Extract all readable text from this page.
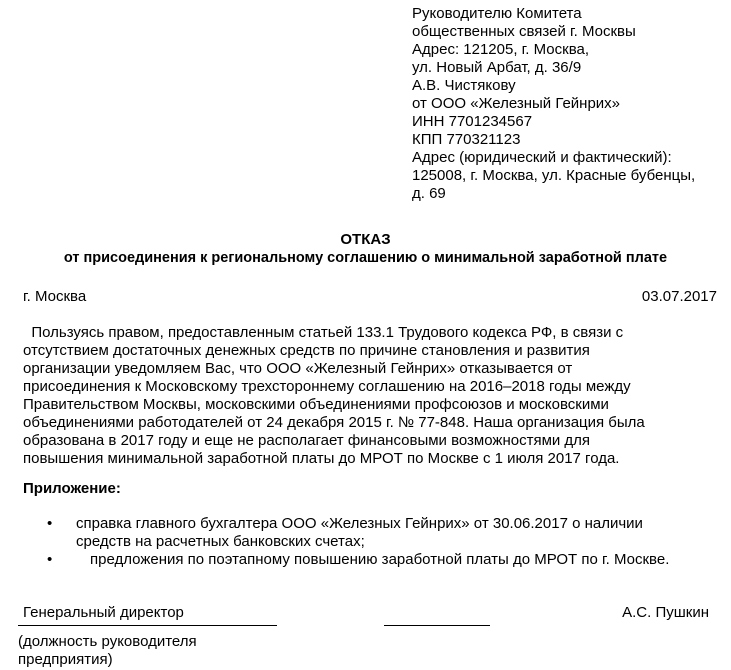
Руководителю Комитета
общественных связей г. Москвы
Адрес: 121205, г. Москва,
ул. Новый Арбат, д. 36/9
А.В. Чистякову
от ООО «Железный Гейнрих»
ИНН 7701234567
КПП 770321123
Адрес (юридический и фактический):
125008, г. Москва, ул. Красные бубенцы,
д. 69
ОТКАЗ
от присоединения к региональному соглашению о минимальной заработной плате
г. Москва	03.07.2017
Пользуясь правом, предоставленным статьей 133.1 Трудового кодекса РФ, в связи с
отсутствием достаточных денежных средств по причине становления и развития
организации уведомляем Вас, что ООО «Железный Гейнрих» отказывается от
присоединения к Московскому трехстороннему соглашению на 2016–2018 годы между
Правительством Москвы, московскими объединениями профсоюзов и московскими
объединениями работодателей от 24 декабря 2015 г. № 77-848. Наша организация была
образована в 2017 году и еще не располагает финансовыми возможностями для
повышения минимальной заработной платы до МРОТ по Москве с 1 июля 2017 года.
Приложение:
• справка главного бухгалтера ООО «Железных Гейнрих» от 30.06.2017 о наличии
средств на расчетных банковских счетах;
•	предложения по поэтапному повышению заработной платы до МРОТ по г. Москве.
Генеральный директор	А.С. Пушкин
(должность руководителя
предприятия)
